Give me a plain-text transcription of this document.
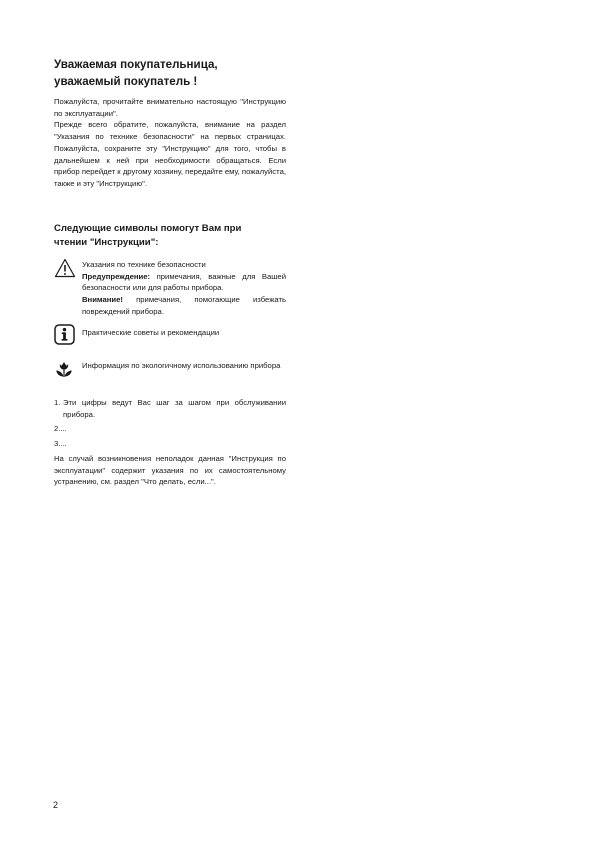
Уважаемая покупательница,
уважаемый покупатель !

Пожалуйста, прочитайте внимательно настоящую "Инструкцию по эксплуатации".

Прежде всего обратите, пожалуйста, внимание на раздел "Указания по технике безопасности" на первых страницах. Пожалуйста, сохраните эту "Инструкцию" для того, чтобы в дальнейшем к ней при необходимости обращаться. Если прибор перейдет к другому хозяину, передайте ему, пожалуйста, также и эту "Инструкцию".

Следующие символы помогут Вам при
чтении "Инструкции":
Указания по технике безопасности
Предупреждение: примечания, важные для Вашей безопасности или для работы прибора.
Внимание! примечания, помогающие избежать повреждений прибора.
Практические советы и рекомендации
Информация по экологичному использованию прибора
1. Эти цифры ведут Вас шаг за шагом при обслуживании прибора.
2....
3....
На случай возникновения неполадок данная "Инструкция по эксплуатации" содержит указания по их самостоятельному устранению, см. раздел "Что делать, если...".
2
